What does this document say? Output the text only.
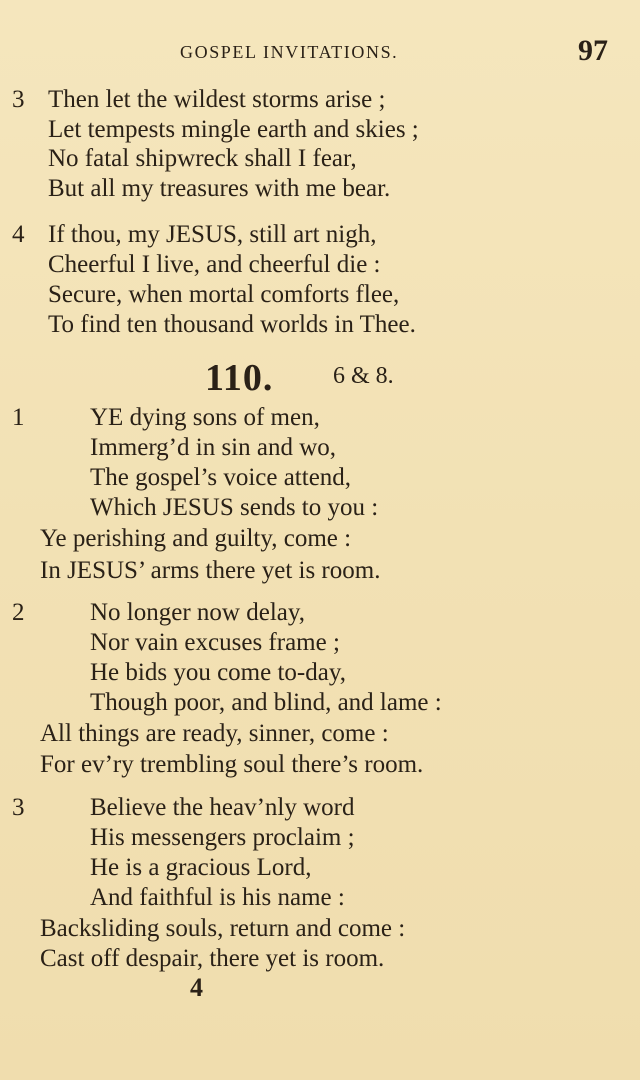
GOSPEL INVITATIONS.	97
3 Then let the wildest storms arise ;
Let tempests mingle earth and skies ;
No fatal shipwreck shall I fear,
But all my treasures with me bear.
4 If thou, my JESUS, still art nigh,
Cheerful I live, and cheerful die :
Secure, when mortal comforts flee,
To find ten thousand worlds in Thee.
110. 6 & 8.
1	YE dying sons of men,
Immerg’d in sin and wo,
The gospel’s voice attend,
Which JESUS sends to you :
Ye perishing and guilty, come :
In JESUS’ arms there yet is room.
2	No longer now delay,
Nor vain excuses frame ;
He bids you come to-day,
Though poor, and blind, and lame :
All things are ready, sinner, come :
For ev’ry trembling soul there’s room.
3	Believe the heav’nly word
His messengers proclaim ;
He is a gracious Lord,
And faithful is his name :
Backsliding souls, return and come :
Cast off despair, there yet is room.
4
